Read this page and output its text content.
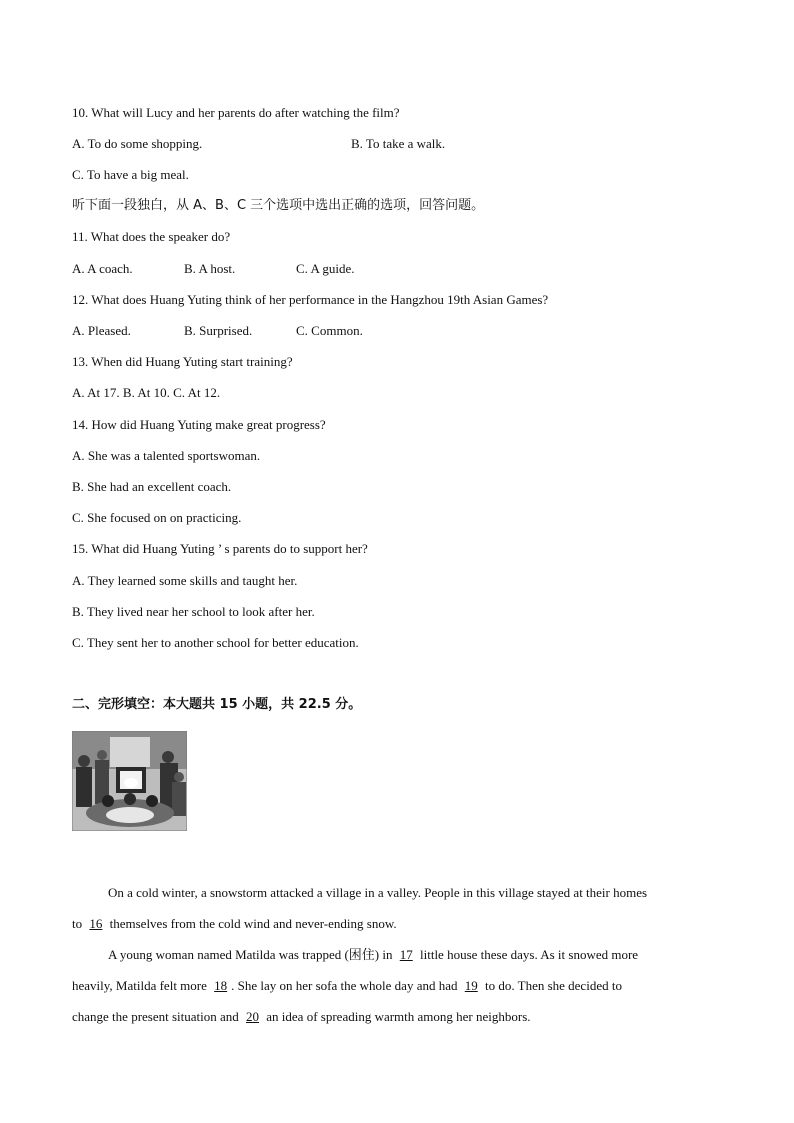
10. What will Lucy and her parents do after watching the film?
A. To do some shopping.	B. To take a walk.
C. To have a big meal.
听下面一段独白，从 A、B、C 三个选项中选出正确的选项，回答问题。
11. What does the speaker do?
A. A coach.	B. A host.	C. A guide.
12. What does Huang Yuting think of her performance in the Hangzhou 19th Asian Games?
A. Pleased.	B. Surprised.	C. Common.
13. When did Huang Yuting start training?
A. At 17. B. At 10. C. At 12.
14. How did Huang Yuting make great progress?
A. She was a talented sportswoman.
B. She had an excellent coach.
C. She focused on on practicing.
15. What did Huang Yuting ’ s parents do to support her?
A. They learned some skills and taught her.
B. They lived near her school to look after her.
C. They sent her to another school for better education.
二、完形填空：本大题共 15 小题，共 22.5 分。
On a cold winter, a snowstorm attacked a village in a valley. People in this village stayed at their homes
to 16 themselves from the cold wind and never-ending snow.
A young woman named Matilda was trapped (困住) in 17 little house these days. As it snowed more
heavily, Matilda felt more 18 . She lay on her sofa the whole day and had 19 to do. Then she decided to
change the present situation and 20 an idea of spreading warmth among her neighbors.
